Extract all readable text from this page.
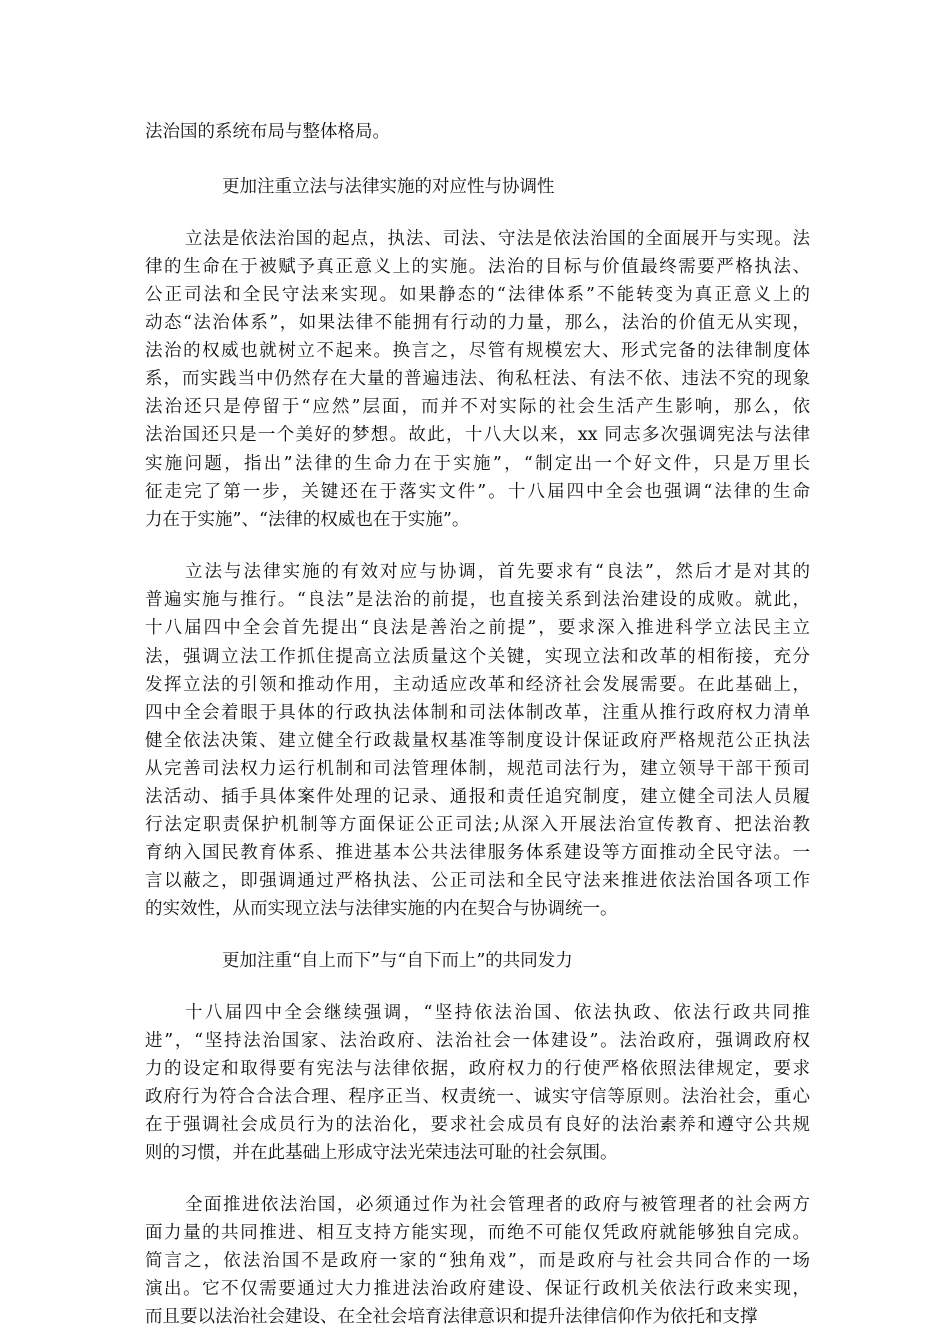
法治国的系统布局与整体格局。
更加注重立法与法律实施的对应性与协调性
立法是依法治国的起点，执法、司法、守法是依法治国的全面展开与实现。法
律的生命在于被赋予真正意义上的实施。法治的目标与价值最终需要严格执法、
公正司法和全民守法来实现。如果静态的“法律体系”不能转变为真正意义上的
动态“法治体系”，如果法律不能拥有行动的力量，那么，法治的价值无从实现，
法治的权威也就树立不起来。换言之，尽管有规模宏大、形式完备的法律制度体
系，而实践当中仍然存在大量的普遍违法、徇私枉法、有法不依、违法不究的现象
法治还只是停留于“应然”层面，而并不对实际的社会生活产生影响，那么，依
法治国还只是一个美好的梦想。故此，十八大以来，xx 同志多次强调宪法与法律
实施问题，指出”法律的生命力在于实施”，“制定出一个好文件，只是万里长
征走完了第一步，关键还在于落实文件”。十八届四中全会也强调“法律的生命
力在于实施”、“法律的权威也在于实施”。
立法与法律实施的有效对应与协调，首先要求有“良法”，然后才是对其的
普遍实施与推行。“良法”是法治的前提，也直接关系到法治建设的成败。就此，
十八届四中全会首先提出“良法是善治之前提”，要求深入推进科学立法民主立
法，强调立法工作抓住提高立法质量这个关键，实现立法和改革的相衔接，充分
发挥立法的引领和推动作用，主动适应改革和经济社会发展需要。在此基础上，
四中全会着眼于具体的行政执法体制和司法体制改革，注重从推行政府权力清单
健全依法决策、建立健全行政裁量权基准等制度设计保证政府严格规范公正执法
从完善司法权力运行机制和司法管理体制，规范司法行为，建立领导干部干预司
法活动、插手具体案件处理的记录、通报和责任追究制度，建立健全司法人员履
行法定职责保护机制等方面保证公正司法;从深入开展法治宣传教育、把法治教
育纳入国民教育体系、推进基本公共法律服务体系建设等方面推动全民守法。一
言以蔽之，即强调通过严格执法、公正司法和全民守法来推进依法治国各项工作
的实效性，从而实现立法与法律实施的内在契合与协调统一。
更加注重“自上而下”与“自下而上”的共同发力
十八届四中全会继续强调，“坚持依法治国、依法执政、依法行政共同推
进”，“坚持法治国家、法治政府、法治社会一体建设”。法治政府，强调政府权
力的设定和取得要有宪法与法律依据，政府权力的行使严格依照法律规定，要求
政府行为符合合法合理、程序正当、权责统一、诚实守信等原则。法治社会，重心
在于强调社会成员行为的法治化，要求社会成员有良好的法治素养和遵守公共规
则的习惯，并在此基础上形成守法光荣违法可耻的社会氛围。
全面推进依法治国，必须通过作为社会管理者的政府与被管理者的社会两方
面力量的共同推进、相互支持方能实现，而绝不可能仅凭政府就能够独自完成。
简言之，依法治国不是政府一家的“独角戏”，而是政府与社会共同合作的一场
演出。它不仅需要通过大力推进法治政府建设、保证行政机关依法行政来实现，
而且要以法治社会建设、在全社会培育法律意识和提升法律信仰作为依托和支撑
